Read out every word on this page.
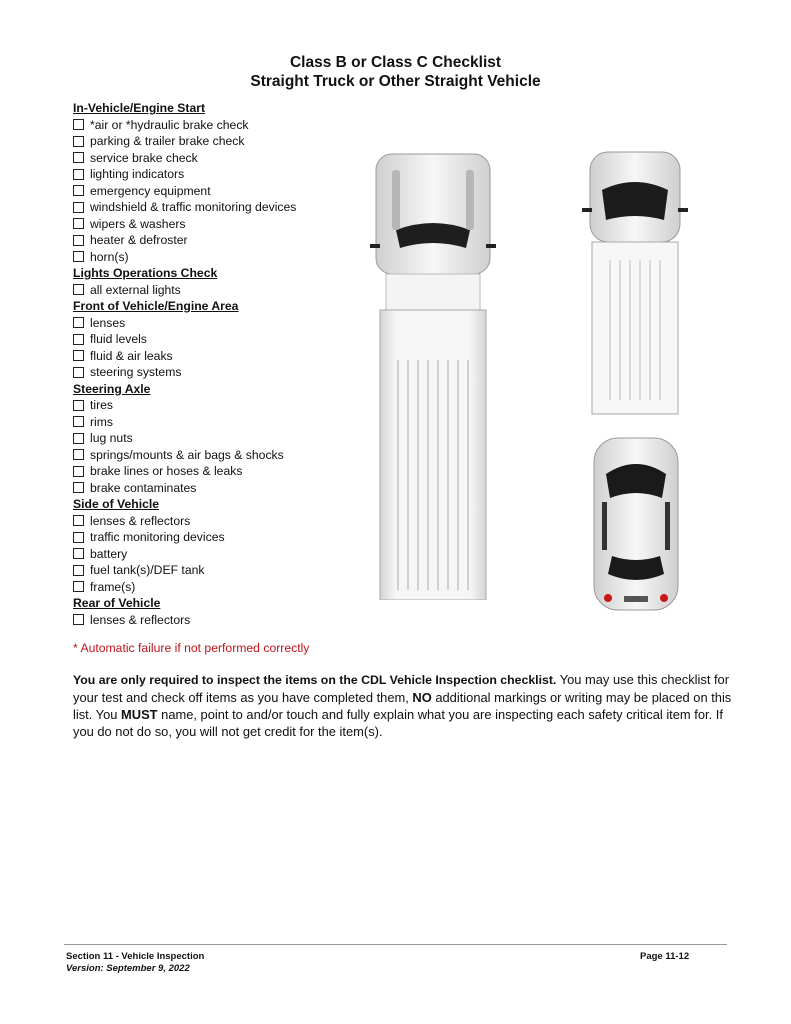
Class B or Class C Checklist
Straight Truck or Other Straight Vehicle
In-Vehicle/Engine Start
*air or *hydraulic brake check
parking & trailer brake check
service brake check
lighting indicators
emergency equipment
windshield & traffic monitoring devices
wipers & washers
heater & defroster
horn(s)
Lights Operations Check
all external lights
Front of Vehicle/Engine Area
lenses
fluid levels
fluid & air leaks
steering systems
Steering Axle
tires
rims
lug nuts
springs/mounts & air bags & shocks
brake lines or hoses & leaks
brake contaminates
Side of Vehicle
lenses & reflectors
traffic monitoring devices
battery
fuel tank(s)/DEF tank
frame(s)
Rear of Vehicle
lenses & reflectors
* Automatic failure if not performed correctly
You are only required to inspect the items on the CDL Vehicle Inspection checklist. You may use this checklist for your test and check off items as you have completed them, NO additional markings or writing may be placed on this list. You MUST name, point to and/or touch and fully explain what you are inspecting each safety critical item for. If you do not do so, you will not get credit for the item(s).
Section 11 - Vehicle Inspection
Version: September 9, 2022
Page 11-12
